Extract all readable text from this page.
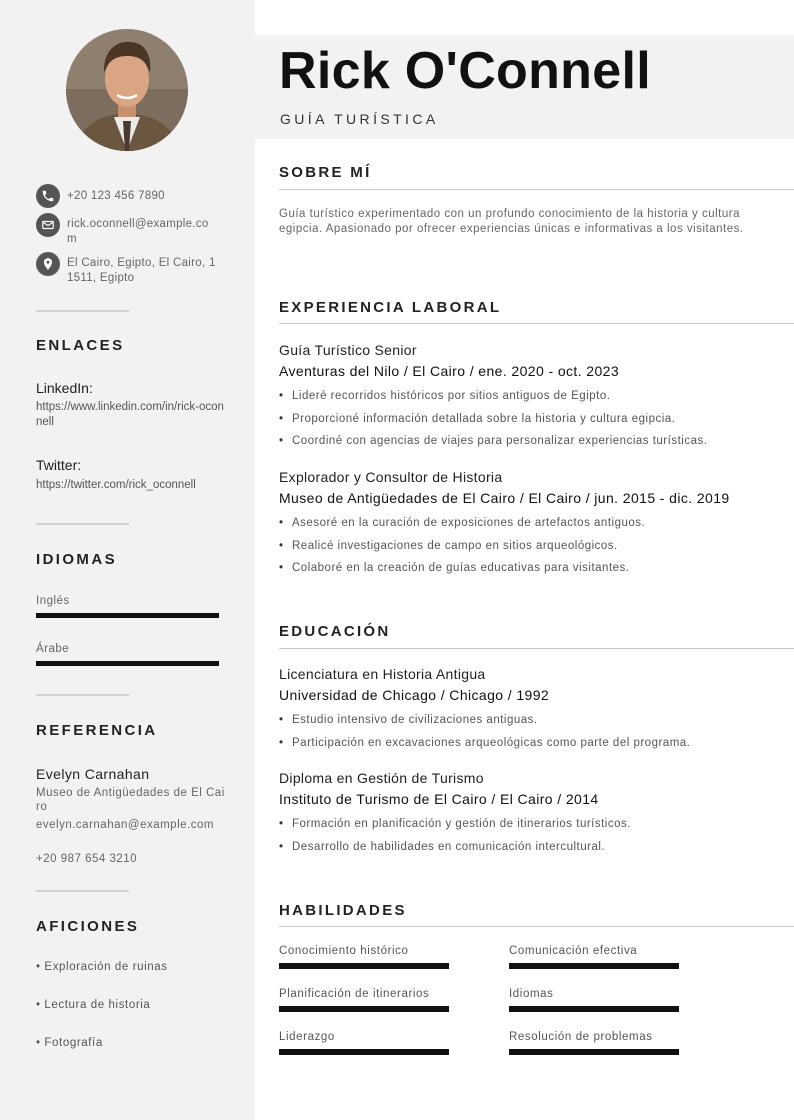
+20 123 456 7890
rick.oconnell@example.com
El Cairo, Egipto, El Cairo, 11511, Egipto
ENLACES
LinkedIn:
https://www.linkedin.com/in/rick-oconnell
Twitter:
https://twitter.com/rick_oconnell
IDIOMAS
Inglés
Árabe
REFERENCIA
Evelyn Carnahan
Museo de Antigüedades de El Cairo
evelyn.carnahan@example.com
+20 987 654 3210
AFICIONES
• Exploración de ruinas
• Lectura de historia
• Fotografía
Rick O'Connell
GUÍA TURÍSTICA
SOBRE MÍ
Guía turístico experimentado con un profundo conocimiento de la historia y cultura egipcia. Apasionado por ofrecer experiencias únicas e informativas a los visitantes.
EXPERIENCIA LABORAL
Guía Turístico Senior
Aventuras del Nilo / El Cairo / ene. 2020 - oct. 2023
• Lideré recorridos históricos por sitios antiguos de Egipto.
• Proporcioné información detallada sobre la historia y cultura egipcia.
• Coordiné con agencias de viajes para personalizar experiencias turísticas.
Explorador y Consultor de Historia
Museo de Antigüedades de El Cairo / El Cairo / jun. 2015 - dic. 2019
• Asesoré en la curación de exposiciones de artefactos antiguos.
• Realicé investigaciones de campo en sitios arqueológicos.
• Colaboré en la creación de guías educativas para visitantes.
EDUCACIÓN
Licenciatura en Historia Antigua
Universidad de Chicago / Chicago / 1992
• Estudio intensivo de civilizaciones antiguas.
• Participación en excavaciones arqueológicas como parte del programa.
Diploma en Gestión de Turismo
Instituto de Turismo de El Cairo / El Cairo / 2014
• Formación en planificación y gestión de itinerarios turísticos.
• Desarrollo de habilidades en comunicación intercultural.
HABILIDADES
Conocimiento histórico	Comunicación efectiva
Planificación de itinerarios	Idiomas
Liderazgo	Resolución de problemas
